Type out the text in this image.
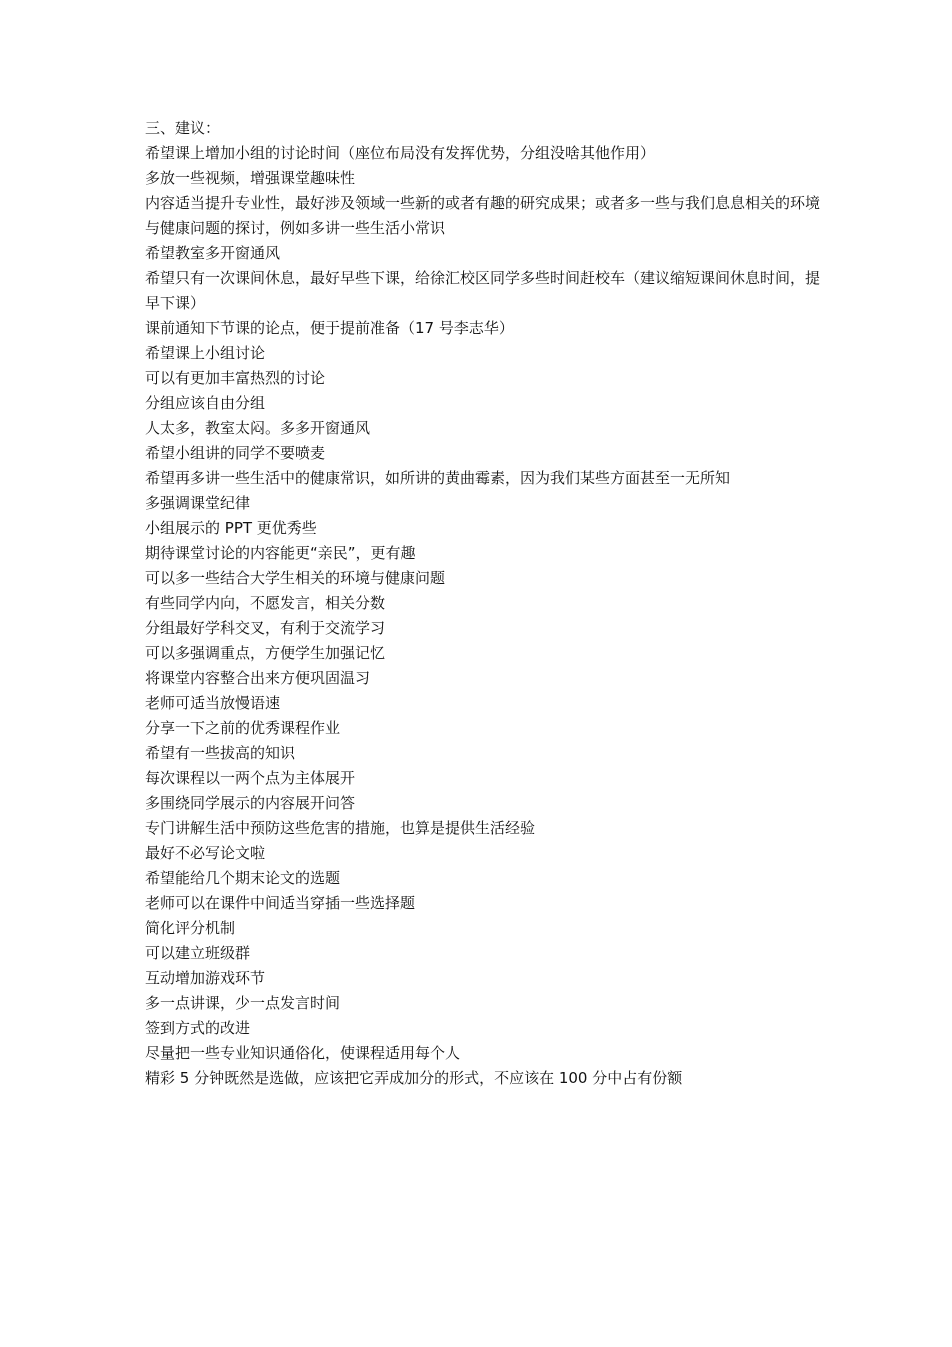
三、建议：
希望课上增加小组的讨论时间（座位布局没有发挥优势，分组没啥其他作用）
多放一些视频，增强课堂趣味性
内容适当提升专业性，最好涉及领域一些新的或者有趣的研究成果；或者多一些与我们息息相关的环境与健康问题的探讨，例如多讲一些生活小常识
希望教室多开窗通风
希望只有一次课间休息，最好早些下课，给徐汇校区同学多些时间赶校车（建议缩短课间休息时间，提早下课）
课前通知下节课的论点，便于提前准备（17 号李志华）
希望课上小组讨论
可以有更加丰富热烈的讨论
分组应该自由分组
人太多，教室太闷。多多开窗通风
希望小组讲的同学不要喷麦
希望再多讲一些生活中的健康常识，如所讲的黄曲霉素，因为我们某些方面甚至一无所知
多强调课堂纪律
小组展示的 PPT 更优秀些
期待课堂讨论的内容能更“亲民”，更有趣
可以多一些结合大学生相关的环境与健康问题
有些同学内向，不愿发言，相关分数
分组最好学科交叉，有利于交流学习
可以多强调重点，方便学生加强记忆
将课堂内容整合出来方便巩固温习
老师可适当放慢语速
分享一下之前的优秀课程作业
希望有一些拔高的知识
每次课程以一两个点为主体展开
多围绕同学展示的内容展开问答
专门讲解生活中预防这些危害的措施，也算是提供生活经验
最好不必写论文啦
希望能给几个期末论文的选题
老师可以在课件中间适当穿插一些选择题
简化评分机制
可以建立班级群
互动增加游戏环节
多一点讲课，少一点发言时间
签到方式的改进
尽量把一些专业知识通俗化，使课程适用每个人
精彩 5 分钟既然是选做，应该把它弄成加分的形式，不应该在 100 分中占有份额
